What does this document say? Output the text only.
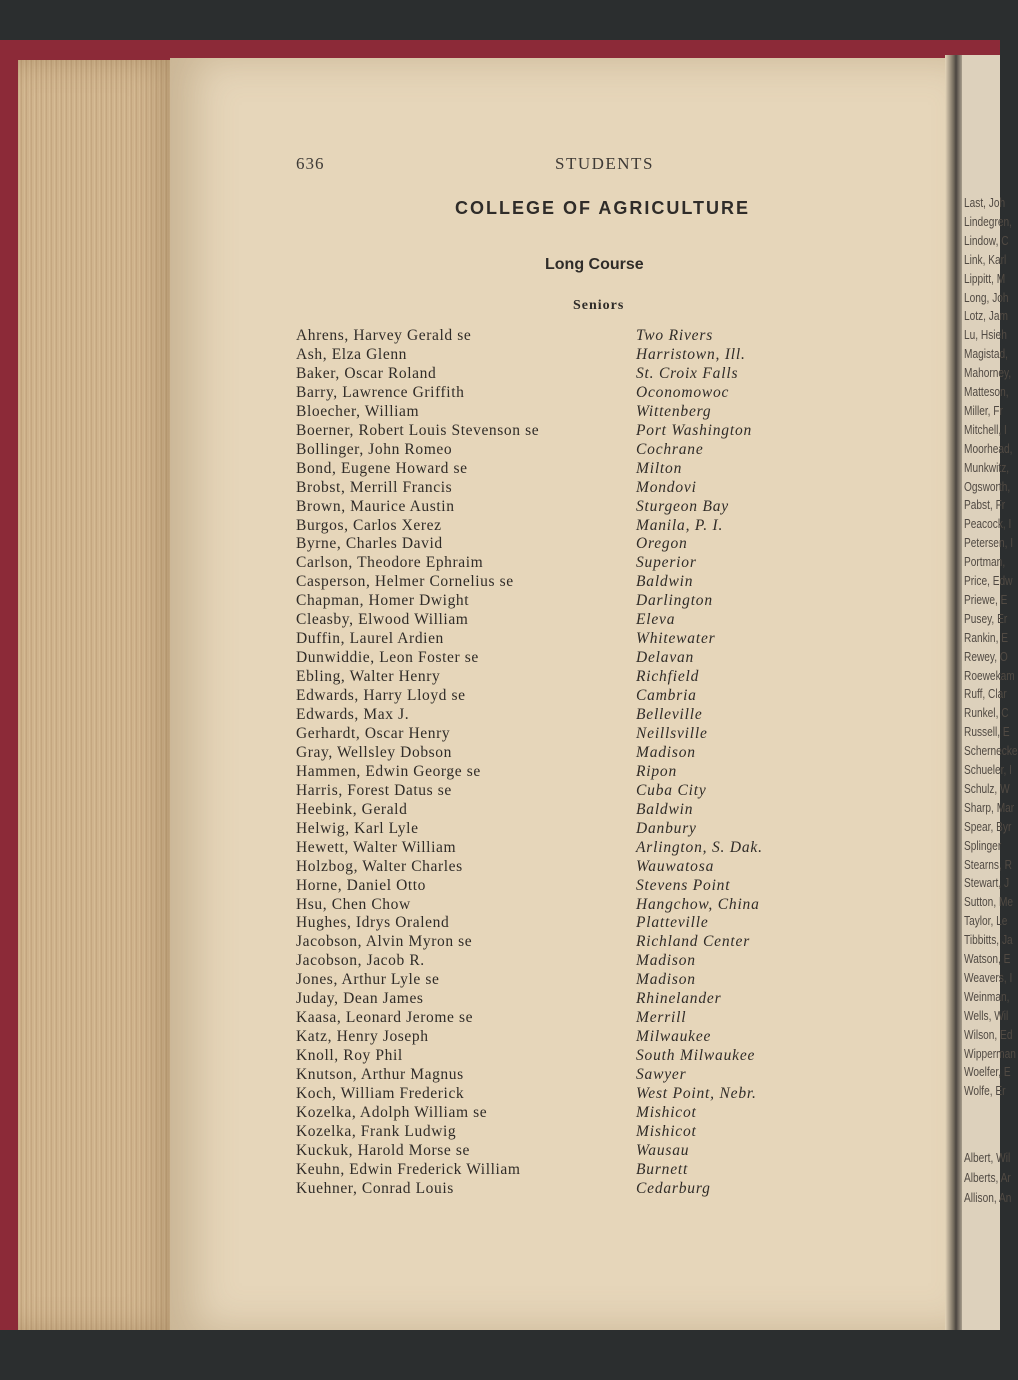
Last, Joh
Lindegren,
Lindow, C
Link, Karl
Lippitt, M
Long, Joh
Lotz, Jam
Lu, Hsieh
Magistad,
Mahorney,
Matteson,
Miller, Fr
Mitchell, I
Moorhead,
Munkwitz,
Ogsworth,
Pabst, Fr
Peacock, I
Petersen, I
Portman,
Price, Edw
Priewe, E
Pusey, Er
Rankin, E
Rewey, O
Roewekam
Ruff, Clar
Runkel, C
Russell, E
Schernecke
Schueler, I
Schulz, W
Sharp, Mar
Spear, Byr
Splinger
Stearns, R
Stewart, J
Sutton, Me
Taylor, Le
Tibbitts, Ja
Watson, E
Weavers, I
Weinman,
Wells, Wil
Wilson, Ed
Wipperman
Woelfer, E
Wolfe, Er
Albert, Wil
Alberts, Ar
Allison, An

636	STUDENTS

COLLEGE OF AGRICULTURE

Long Course

Seniors

Ahrens, Harvey Gerald se	Two Rivers
Ash, Elza Glenn	Harristown, Ill.
Baker, Oscar Roland	St. Croix Falls
Barry, Lawrence Griffith	Oconomowoc
Bloecher, William	Wittenberg
Boerner, Robert Louis Stevenson se	Port Washington
Bollinger, John Romeo	Cochrane
Bond, Eugene Howard se	Milton
Brobst, Merrill Francis	Mondovi
Brown, Maurice Austin	Sturgeon Bay
Burgos, Carlos Xerez	Manila, P. I.
Byrne, Charles David	Oregon
Carlson, Theodore Ephraim	Superior
Casperson, Helmer Cornelius se	Baldwin
Chapman, Homer Dwight	Darlington
Cleasby, Elwood William	Eleva
Duffin, Laurel Ardien	Whitewater
Dunwiddie, Leon Foster se	Delavan
Ebling, Walter Henry	Richfield
Edwards, Harry Lloyd se	Cambria
Edwards, Max J.	Belleville
Gerhardt, Oscar Henry	Neillsville
Gray, Wellsley Dobson	Madison
Hammen, Edwin George se	Ripon
Harris, Forest Datus se	Cuba City
Heebink, Gerald	Baldwin
Helwig, Karl Lyle	Danbury
Hewett, Walter William	Arlington, S. Dak.
Holzbog, Walter Charles	Wauwatosa
Horne, Daniel Otto	Stevens Point
Hsu, Chen Chow	Hangchow, China
Hughes, Idrys Oralend	Platteville
Jacobson, Alvin Myron se	Richland Center
Jacobson, Jacob R.	Madison
Jones, Arthur Lyle se	Madison
Juday, Dean James	Rhinelander
Kaasa, Leonard Jerome se	Merrill
Katz, Henry Joseph	Milwaukee
Knoll, Roy Phil	South Milwaukee
Knutson, Arthur Magnus	Sawyer
Koch, William Frederick	West Point, Nebr.
Kozelka, Adolph William se	Mishicot
Kozelka, Frank Ludwig	Mishicot
Kuckuk, Harold Morse se	Wausau
Keuhn, Edwin Frederick William	Burnett
Kuehner, Conrad Louis	Cedarburg
